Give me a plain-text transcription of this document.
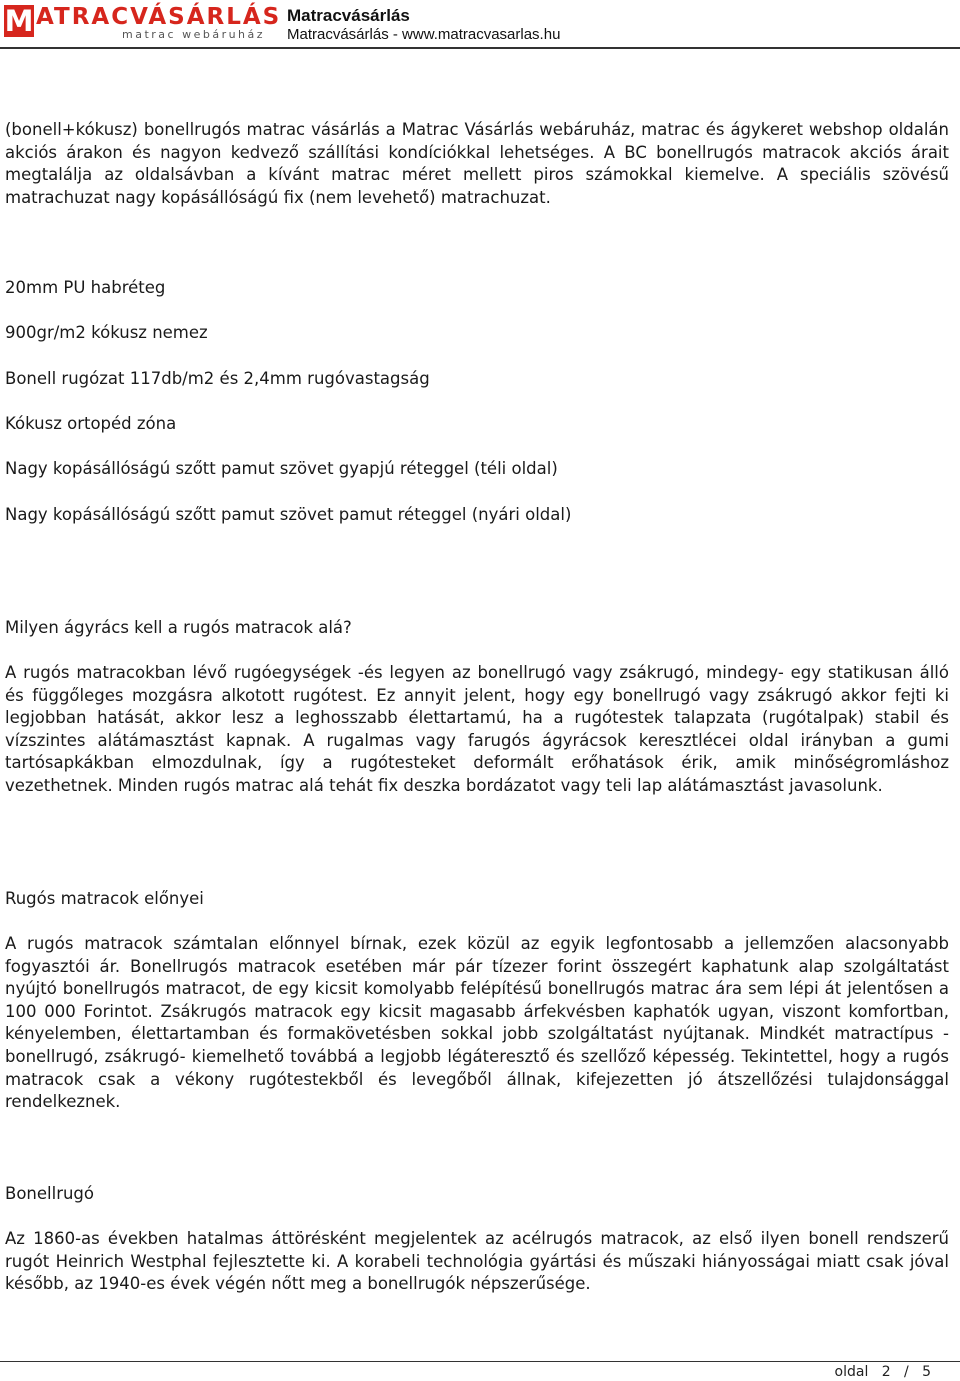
M ATRACVÁSÁRLÁS
matrac webáruház
Matracvásárlás
Matracvásárlás - www.matracvasarlas.hu

(bonell+kókusz) bonellrugós matrac vásárlás a Matrac Vásárlás webáruház, matrac és ágykeret webshop oldalán akciós árakon és nagyon kedvező szállítási kondíciókkal lehetséges. A BC bonellrugós matracok akciós árait megtalálja az oldalsávban a kívánt matrac méret mellett piros számokkal kiemelve. A speciális szövésű matrachuzat nagy kopásállóságú fix (nem levehető) matrachuzat.

20mm PU habréteg
900gr/m2 kókusz nemez
Bonell rugózat 117db/m2 és 2,4mm rugóvastagság
Kókusz ortopéd zóna
Nagy kopásállóságú szőtt pamut szövet gyapjú réteggel (téli oldal)
Nagy kopásállóságú szőtt pamut szövet pamut réteggel (nyári oldal)
Milyen ágyrács kell a rugós matracok alá?

A rugós matracokban lévő rugóegységek -és legyen az bonellrugó vagy zsákrugó, mindegy- egy statikusan álló és függőleges mozgásra alkotott rugótest. Ez annyit jelent, hogy egy bonellrugó vagy zsákrugó akkor fejti ki legjobban hatását, akkor lesz a leghosszabb élettartamú, ha a rugótestek talapzata (rugótalpak) stabil és vízszintes alátámasztást kapnak. A rugalmas vagy farugós ágyrácsok keresztlécei oldal irányban a gumi tartósapkákban elmozdulnak, így a rugótesteket deformált erőhatások érik, amik minőségromláshoz vezethetnek. Minden rugós matrac alá tehát fix deszka bordázatot vagy teli lap alátámasztást javasolunk.

Rugós matracok előnyei

A rugós matracok számtalan előnnyel bírnak, ezek közül az egyik legfontosabb a jellemzően alacsonyabb fogyasztói ár. Bonellrugós matracok esetében már pár tízezer forint összegért kaphatunk alap szolgáltatást nyújtó bonellrugós matracot, de egy kicsit komolyabb felépítésű bonellrugós matrac ára sem lépi át jelentősen a 100 000 Forintot. Zsákrugós matracok egy kicsit magasabb árfekvésben kaphatók ugyan, viszont komfortban, kényelemben, élettartamban és formakövetésben sokkal jobb szolgáltatást nyújtanak. Mindkét matractípus -bonellrugó, zsákrugó- kiemelhető továbbá a legjobb légáteresztő és szellőző képesség. Tekintettel, hogy a rugós matracok csak a vékony rugótestekből és levegőből állnak, kifejezetten jó átszellőzési tulajdonsággal rendelkeznek.

Bonellrugó

Az 1860-as években hatalmas áttörésként megjelentek az acélrugós matracok, az első ilyen bonell rendszerű rugót Heinrich Westphal fejlesztette ki. A korabeli technológia gyártási és műszaki hiányosságai miatt csak jóval később, az 1940-es évek végén nőtt meg a bonellrugók népszerűsége.

oldal 2 / 5
